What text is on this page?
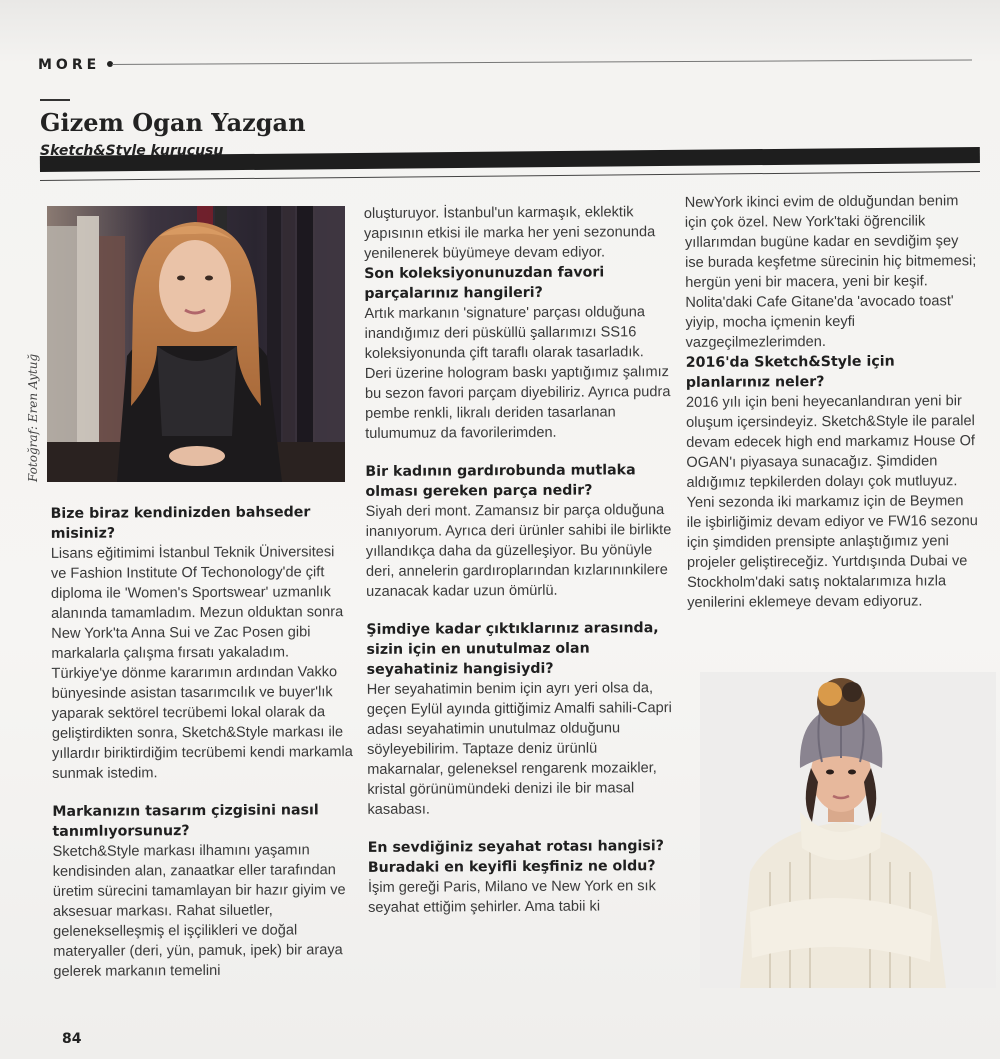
MORE
Gizem Ogan Yazgan
Sketch&Style kurucusu
Fotoğraf: Eren Aytuğ
Bize biraz kendinizden bahseder misiniz?

Lisans eğitimimi İstanbul Teknik Üniversitesi ve Fashion Institute Of Techonology'de çift diploma ile 'Women's Sportswear' uzmanlık alanında tamamladım. Mezun olduktan sonra New York'ta Anna Sui ve Zac Posen gibi markalarla çalışma fırsatı yakaladım. Türkiye'ye dönme kararımın ardından Vakko bünyesinde asistan tasarımcılık ve buyer'lık yaparak sektörel tecrübemi lokal olarak da geliştirdikten sonra, Sketch&Style markası ile yıllardır biriktirdiğim tecrübemi kendi markamla sunmak istedim.

Markanızın tasarım çizgisini nasıl tanımlıyorsunuz?

Sketch&Style markası ilhamını yaşamın kendisinden alan, zanaatkar eller tarafından üretim sürecini tamamlayan bir hazır giyim ve aksesuar markası. Rahat siluetler, gelenekselleşmiş el işçilikleri ve doğal materyaller (deri, yün, pamuk, ipek) bir araya gelerek markanın temelini

oluşturuyor. İstanbul'un karmaşık, eklektik yapısının etkisi ile marka her yeni sezonunda yenilenerek büyümeye devam ediyor.

Son koleksiyonunuzdan favori parçalarınız hangileri?

Artık markanın 'signature' parçası olduğuna inandığımız deri püsküllü şallarımızı SS16 koleksiyonunda çift taraflı olarak tasarladık. Deri üzerine hologram baskı yaptığımız şalımız bu sezon favori parçam diyebiliriz. Ayrıca pudra pembe renkli, likralı deriden tasarlanan tulumumuz da favorilerimden.

Bir kadının gardırobunda mutlaka olması gereken parça nedir?

Siyah deri mont. Zamansız bir parça olduğuna inanıyorum. Ayrıca deri ürünler sahibi ile birlikte yıllandıkça daha da güzelleşiyor. Bu yönüyle deri, annelerin gardıroplarından kızlarınınkilere uzanacak kadar uzun ömürlü.

Şimdiye kadar çıktıklarınız arasında, sizin için en unutulmaz olan seyahatiniz hangisiydi?

Her seyahatimin benim için ayrı yeri olsa da, geçen Eylül ayında gittiğimiz Amalfi sahili-Capri adası seyahatimin unutulmaz olduğunu söyleyebilirim. Taptaze deniz ürünlü makarnalar, geleneksel rengarenk mozaikler, kristal görünümündeki denizi ile bir masal kasabası.

En sevdiğiniz seyahat rotası hangisi? Buradaki en keyifli keşfiniz ne oldu?

İşim gereği Paris, Milano ve New York en sık seyahat ettiğim şehirler. Ama tabii ki

NewYork ikinci evim de olduğundan benim için çok özel. New York'taki öğrencilik yıllarımdan bugüne kadar en sevdiğim şey ise burada keşfetme sürecinin hiç bitmemesi; hergün yeni bir macera, yeni bir keşif. Nolita'daki Cafe Gitane'da 'avocado toast' yiyip, mocha içmenin keyfi vazgeçilmezlerimden.

2016'da Sketch&Style için planlarınız neler?

2016 yılı için beni heyecanlandıran yeni bir oluşum içersindeyiz. Sketch&Style ile paralel devam edecek high end markamız House Of OGAN'ı piyasaya sunacağız. Şimdiden aldığımız tepkilerden dolayı çok mutluyuz. Yeni sezonda iki markamız için de Beymen ile işbirliğimiz devam ediyor ve FW16 sezonu için şimdiden prensipte anlaştığımız yeni projeler geliştireceğiz. Yurtdışında Dubai ve Stockholm'daki satış noktalarımıza hızla yenilerini eklemeye devam ediyoruz.

84
